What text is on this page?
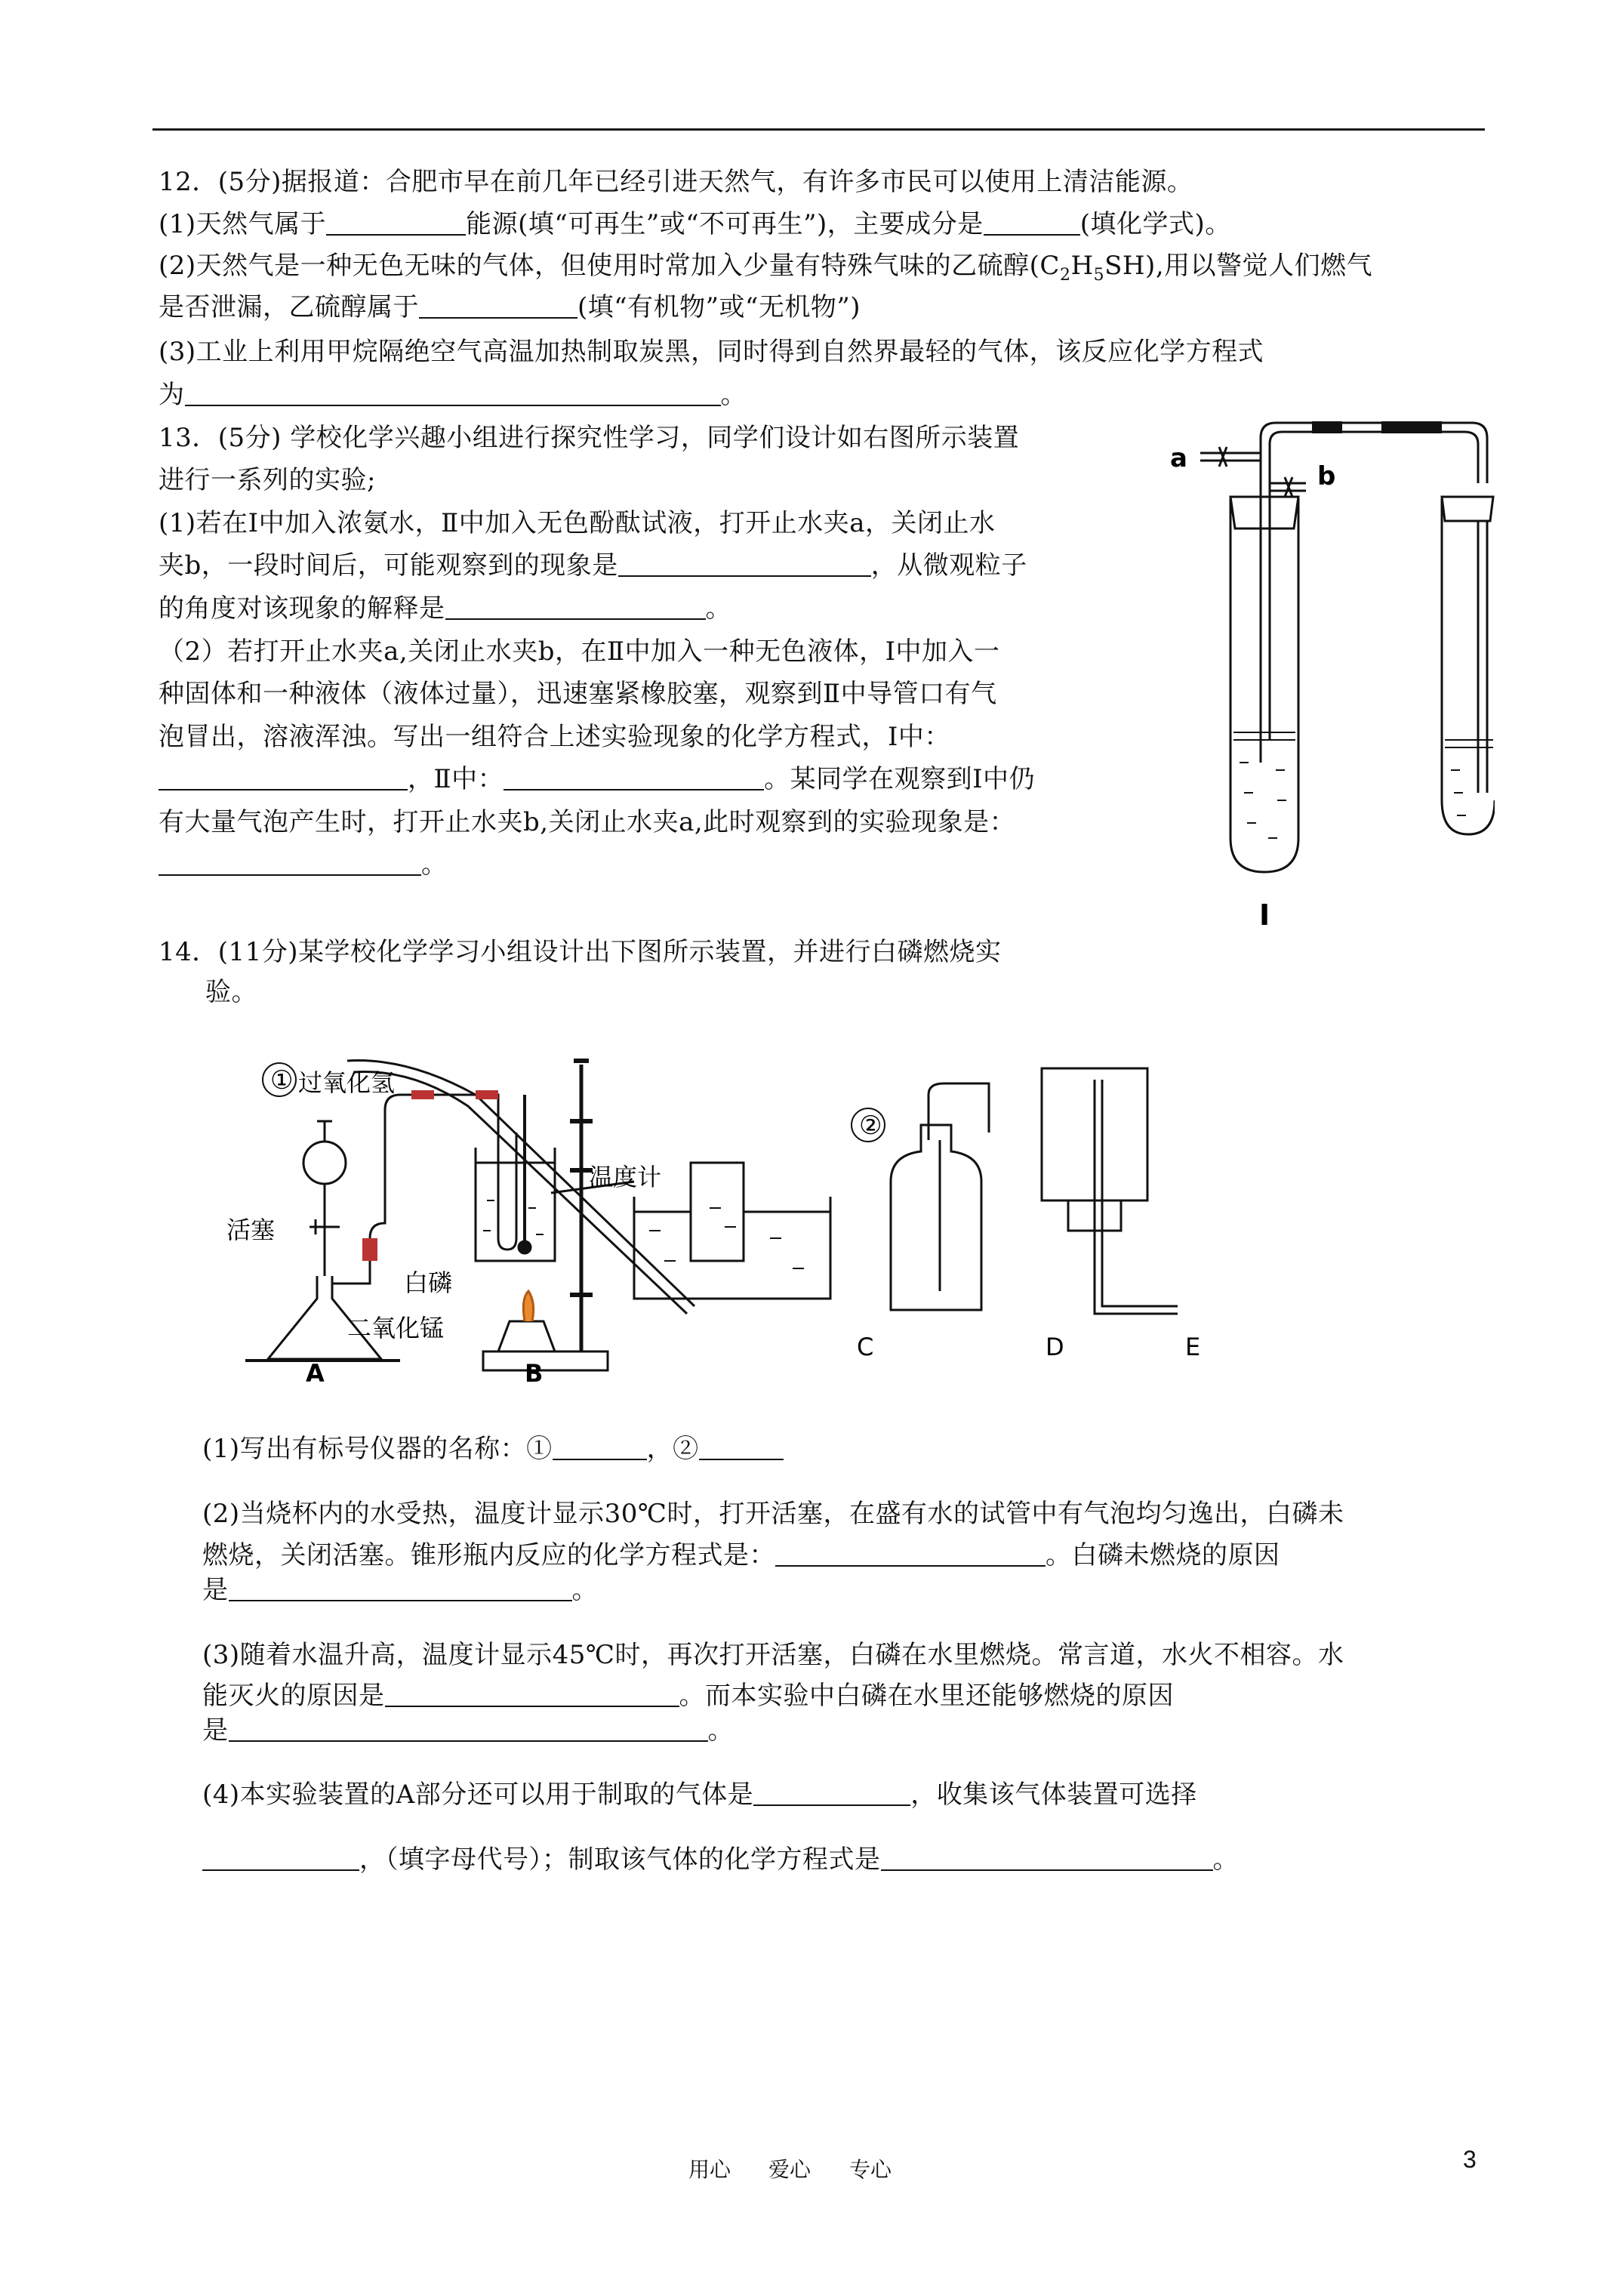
12．(5分)据报道：合肥市早在前几年已经引进天然气，有许多市民可以使用上清洁能源。
(1)天然气属于	能源(填“可再生”或“不可再生”)，主要成分是	(填化学式)。
(2)天然气是一种无色无味的气体，但使用时常加入少量有特殊气味的乙硫醇$(C_2H_5SH)$,用以警觉人们燃气
是否泄漏，乙硫醇属于	(填“有机物”或“无机物”)
(3)工业上利用甲烷隔绝空气高温加热制取炭黑，同时得到自然界最轻的气体，该反应化学方程式
为	。
13．(5分) 学校化学兴趣小组进行探究性学习，同学们设计如右图所示装置
进行一系列的实验;
(1)若在Ⅰ中加入浓氨水，Ⅱ中加入无色酚酞试液，打开止水夹a，关闭止水
夹b，一段时间后，可能观察到的现象是	，从微观粒子
的角度对该现象的解释是	。
（2）若打开止水夹a,关闭止水夹b，在Ⅱ中加入一种无色液体，Ⅰ中加入一
种固体和一种液体（液体过量），迅速塞紧橡胶塞，观察到Ⅱ中导管口有气
泡冒出，溶液浑浊。写出一组符合上述实验现象的化学方程式，Ⅰ中：
，Ⅱ中：	。某同学在观察到Ⅰ中仍
有大量气泡产生时，打开止水夹b,关闭止水夹a,此时观察到的实验现象是：
。
a
b
I
14．(11分)某学校化学学习小组设计出下图所示装置，并进行白磷燃烧实
验。
①
②
过氧化氢
活塞
温度计
白磷
二氧化锰
A	B
C	D	E
(1)写出有标号仪器的名称：①	，②
(2)当烧杯内的水受热，温度计显示30℃时，打开活塞，在盛有水的试管中有气泡均匀逸出，白磷未
燃烧，关闭活塞。锥形瓶内反应的化学方程式是：	。白磷未燃烧的原因
是	。
(3)随着水温升高，温度计显示45℃时，再次打开活塞，白磷在水里燃烧。常言道，水火不相容。水
能灭火的原因是	。而本实验中白磷在水里还能够燃烧的原因
是	。
(4)本实验装置的A部分还可以用于制取的气体是	，收集该气体装置可选择
，（填字母代号）；制取该气体的化学方程式是	。
用心 爱心 专心	3
